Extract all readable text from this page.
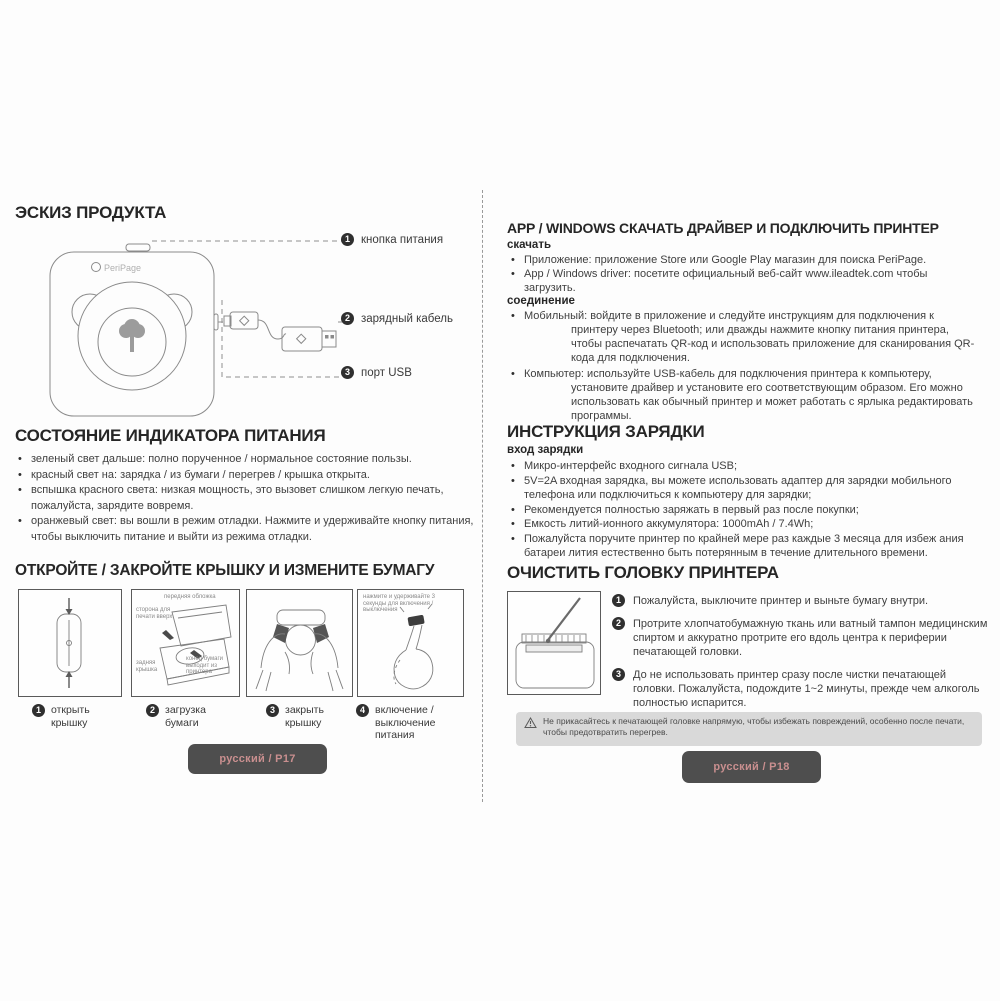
ЭСКИЗ ПРОДУКТА
PeriPage
1 кнопка питания
2 зарядный кабель
3 порт USB
СОСТОЯНИЕ ИНДИКАТОРА ПИТАНИЯ
• зеленый свет дальше: полно порученное / нормальное состояние пользы.
• красный свет на: зарядка / из бумаги / перегрев / крышка открыта.
• вспышка красного света: низкая мощность, это вызовет слишком легкую печать, пожалуйста, зарядите вовремя.
• оранжевый свет: вы вошли в режим отладки. Нажмите и удерживайте кнопку питания, чтобы выключить питание и выйти из режима отладки.
ОТКРОЙТЕ / ЗАКРОЙТЕ КРЫШКУ И ИЗМЕНИТЕ БУМАГУ
передняя обложка
сторона для печати вверх
задняя крышка
конец бумаги выходит из принтера
нажмите и удерживайте 3 секунды для включения /выключения
1 открыть крышку
2 загрузка бумаги
3 закрыть крышку
4 включение /выключение питания
русский / P17
APP / WINDOWS СКАЧАТЬ ДРАЙВЕР И ПОДКЛЮЧИТЬ ПРИНТЕР
скачать
• Приложение: приложение Store или Google Play магазин для поиска PeriPage.
• App / Windows driver: посетите официальный веб-сайт www.ileadtek.com чтобы загрузить.
соединение
• Мобильный: войдите в приложение и следуйте инструкциям для подключения к принтеру через Bluetooth; или дважды нажмите кнопку питания принтера, чтобы распечатать QR-код и использовать приложение для сканирования QR-кода для подключения.
• Компьютер: используйте USB-кабель для подключения принтера к компьютеру, установите драйвер и установите его соответствующим образом. Его можно использовать как обычный принтер и может работать с ярлыка редактировать программы.
ИНСТРУКЦИЯ ЗАРЯДКИ
вход зарядки
• Микро-интерфейс входного сигнала USB;
• 5V=2A входная зарядка, вы можете использовать адаптер для зарядки мобильного телефона или подключиться к компьютеру для зарядки;
• Рекомендуется полностью заряжать в первый раз после покупки;
• Емкость литий-ионного аккумулятора: 1000mAh / 7.4Wh;
• Пожалуйста поручите принтер по крайней мере раз каждые 3 месяца для избеж ания батареи лития естественно быть потерянным в течение длительного времени.
ОЧИСТИТЬ ГОЛОВКУ ПРИНТЕРА
1	Пожалуйста, выключите принтер и выньте бумагу внутри.
2	Протрите хлопчатобумажную ткань или ватный тампон медицинским спиртом и аккуратно протрите его вдоль центра к периферии печатающей головки.
3	До не использовать принтер сразу после чистки печатающей головки. Пожалуйста, подождите 1~2 минуты, прежде чем алкоголь полностью испарится.
Не прикасайтесь к печатающей головке напрямую, чтобы избежать повреждений, особенно после печати, чтобы предотвратить перегрев.
русский / P18
